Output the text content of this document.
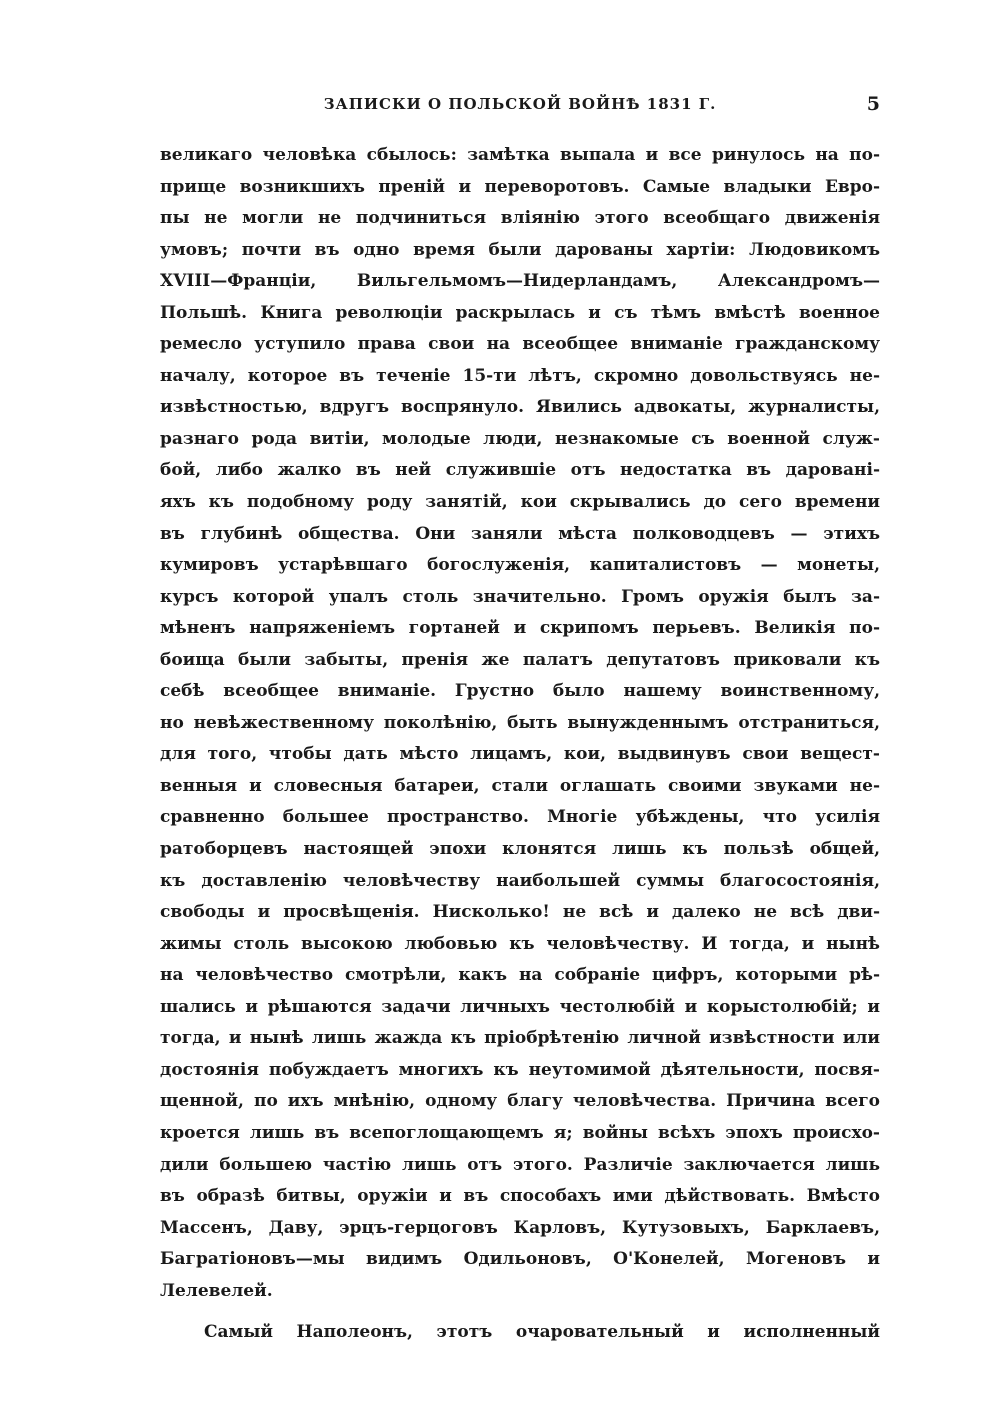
ЗАПИСКИ О ПОЛЬСКОЙ ВОЙНѢ 1831 Г.	5
великаго человѣка сбылось: замѣтка выпала и все ринулось на по-
прище возникшихъ преній и переворотовъ. Самые владыки Евро-
пы не могли не подчиниться вліянію этого всеобщаго движенія
умовъ; почти въ одно время были дарованы хартіи: Людовикомъ
XVIII—Франціи, Вильгельмомъ—Нидерландамъ, Александромъ—
Польшѣ. Книга революціи раскрылась и съ тѣмъ вмѣстѣ военное
ремесло уступило права свои на всеобщее вниманіе гражданскому
началу, которое въ теченіе 15-ти лѣтъ, скромно довольствуясь не-
извѣстностью, вдругъ воспрянуло. Явились адвокаты, журналисты,
разнаго рода витіи, молодые люди, незнакомые съ военной служ-
бой, либо жалко въ ней служившіе отъ недостатка въ даровані-
яхъ къ подобному роду занятій, кои скрывались до сего времени
въ глубинѣ общества. Они заняли мѣста полководцевъ — этихъ
кумировъ устарѣвшаго богослуженія, капиталистовъ — монеты,
курсъ которой упалъ столь значительно. Громъ оружія былъ за-
мѣненъ напряженіемъ гортаней и скрипомъ перьевъ. Великія по-
боища были забыты, пренія же палатъ депутатовъ приковали къ
себѣ всеобщее вниманіе. Грустно было нашему воинственному,
но невѣжественному поколѣнію, быть вынужденнымъ отстраниться,
для того, чтобы дать мѣсто лицамъ, кои, выдвинувъ свои вещест-
венныя и словесныя батареи, стали оглашать своими звуками не-
сравненно большее пространство. Многіе убѣждены, что усилія
ратоборцевъ настоящей эпохи клонятся лишь къ пользѣ общей,
къ доставленію человѣчеству наибольшей суммы благосостоянія,
свободы и просвѣщенія. Нисколько! не всѣ и далеко не всѣ дви-
жимы столь высокою любовью къ человѣчеству. И тогда, и нынѣ
на человѣчество смотрѣли, какъ на собраніе цифръ, которыми рѣ-
шались и рѣшаются задачи личныхъ честолюбій и корыстолюбій; и
тогда, и нынѣ лишь жажда къ пріобрѣтенію личной извѣстности или
достоянія побуждаетъ многихъ къ неутомимой дѣятельности, посвя-
щенной, по ихъ мнѣнію, одному благу человѣчества. Причина всего
кроется лишь въ всепоглощающемъ я; войны всѣхъ эпохъ происхо-
дили большею частію лишь отъ этого. Различіе заключается лишь
въ образѣ битвы, оружіи и въ способахъ ими дѣйствовать. Вмѣсто
Массенъ, Даву, эрцъ-герцоговъ Карловъ, Кутузовыхъ, Барклаевъ,
Багратіоновъ—мы видимъ Одильоновъ, О'Конелей, Могеновъ и
Лелевелей.
Самый Наполеонъ, этотъ очаровательный и исполненный
